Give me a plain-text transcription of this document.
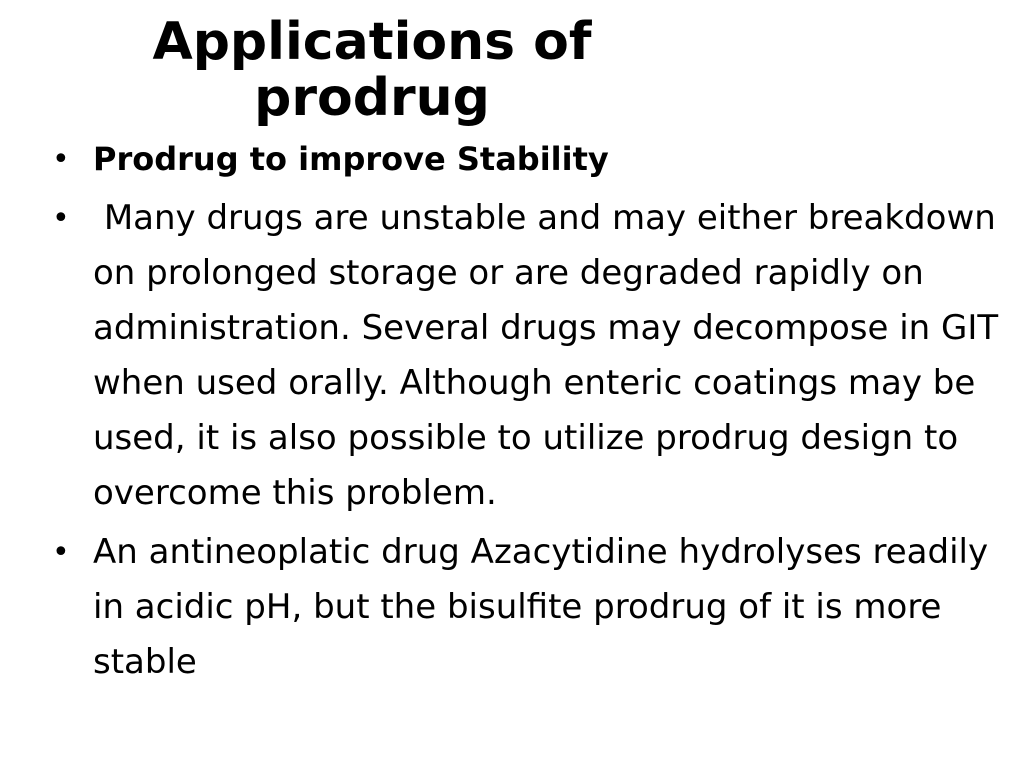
Applications of
prodrug
• Prodrug to improve Stability
• Many drugs are unstable and may either breakdown on prolonged storage or are degraded rapidly on administration. Several drugs may decompose in GIT when used orally. Although enteric coatings may be used, it is also possible to utilize prodrug design to overcome this problem.
• An antineoplatic drug Azacytidine hydrolyses readily in acidic pH, but the bisulfite prodrug of it is more stable
